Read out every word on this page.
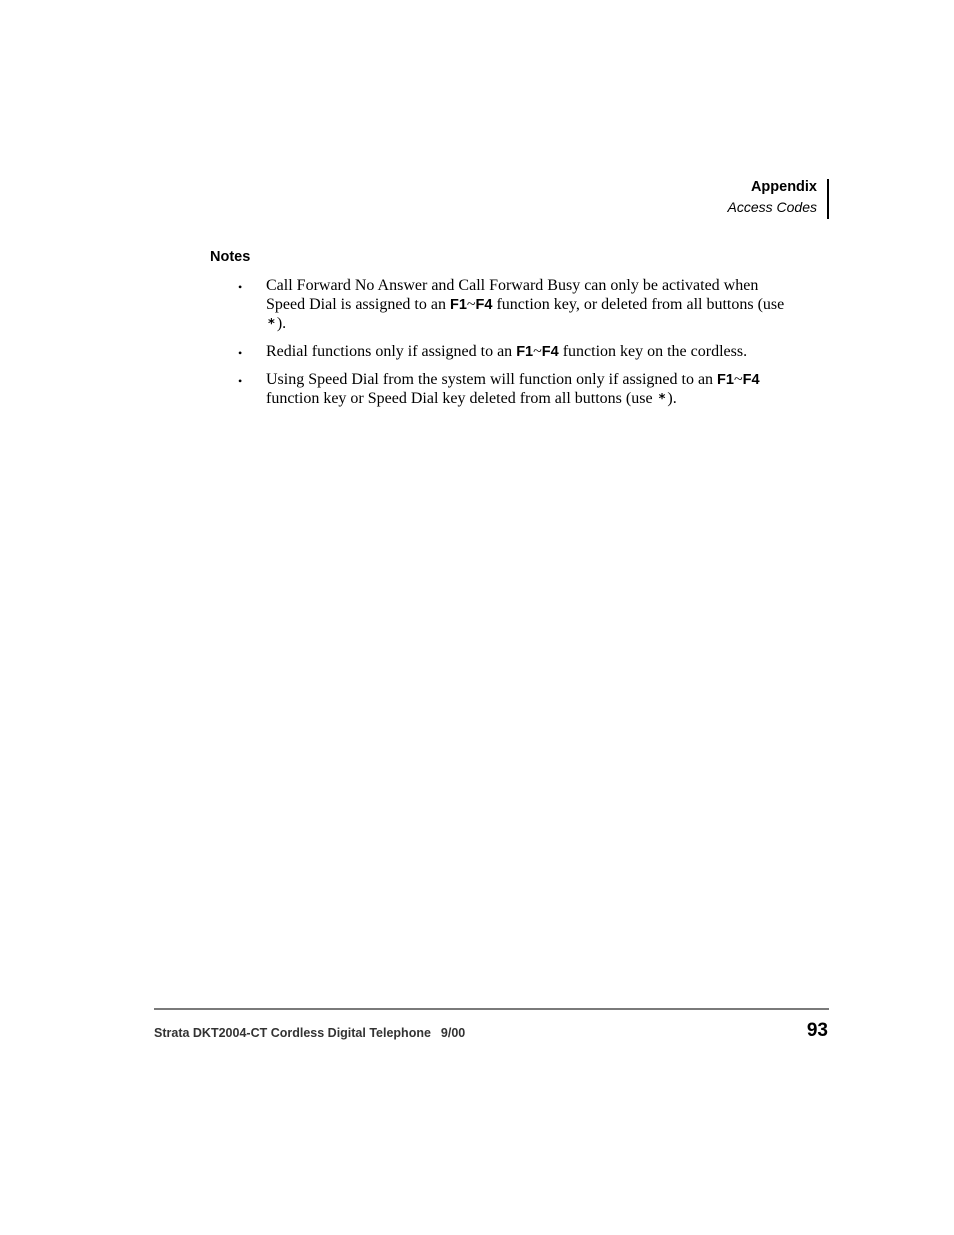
Appendix
Access Codes
Notes
• Call Forward No Answer and Call Forward Busy can only be activated when Speed Dial is assigned to an F1~F4 function key, or deleted from all buttons (use * ).
• Redial functions only if assigned to an F1~F4 function key on the cordless.
• Using Speed Dial from the system will function only if assigned to an F1~F4 function key or Speed Dial key deleted from all buttons (use * ).
Strata DKT2004-CT Cordless Digital Telephone 9/00	93
